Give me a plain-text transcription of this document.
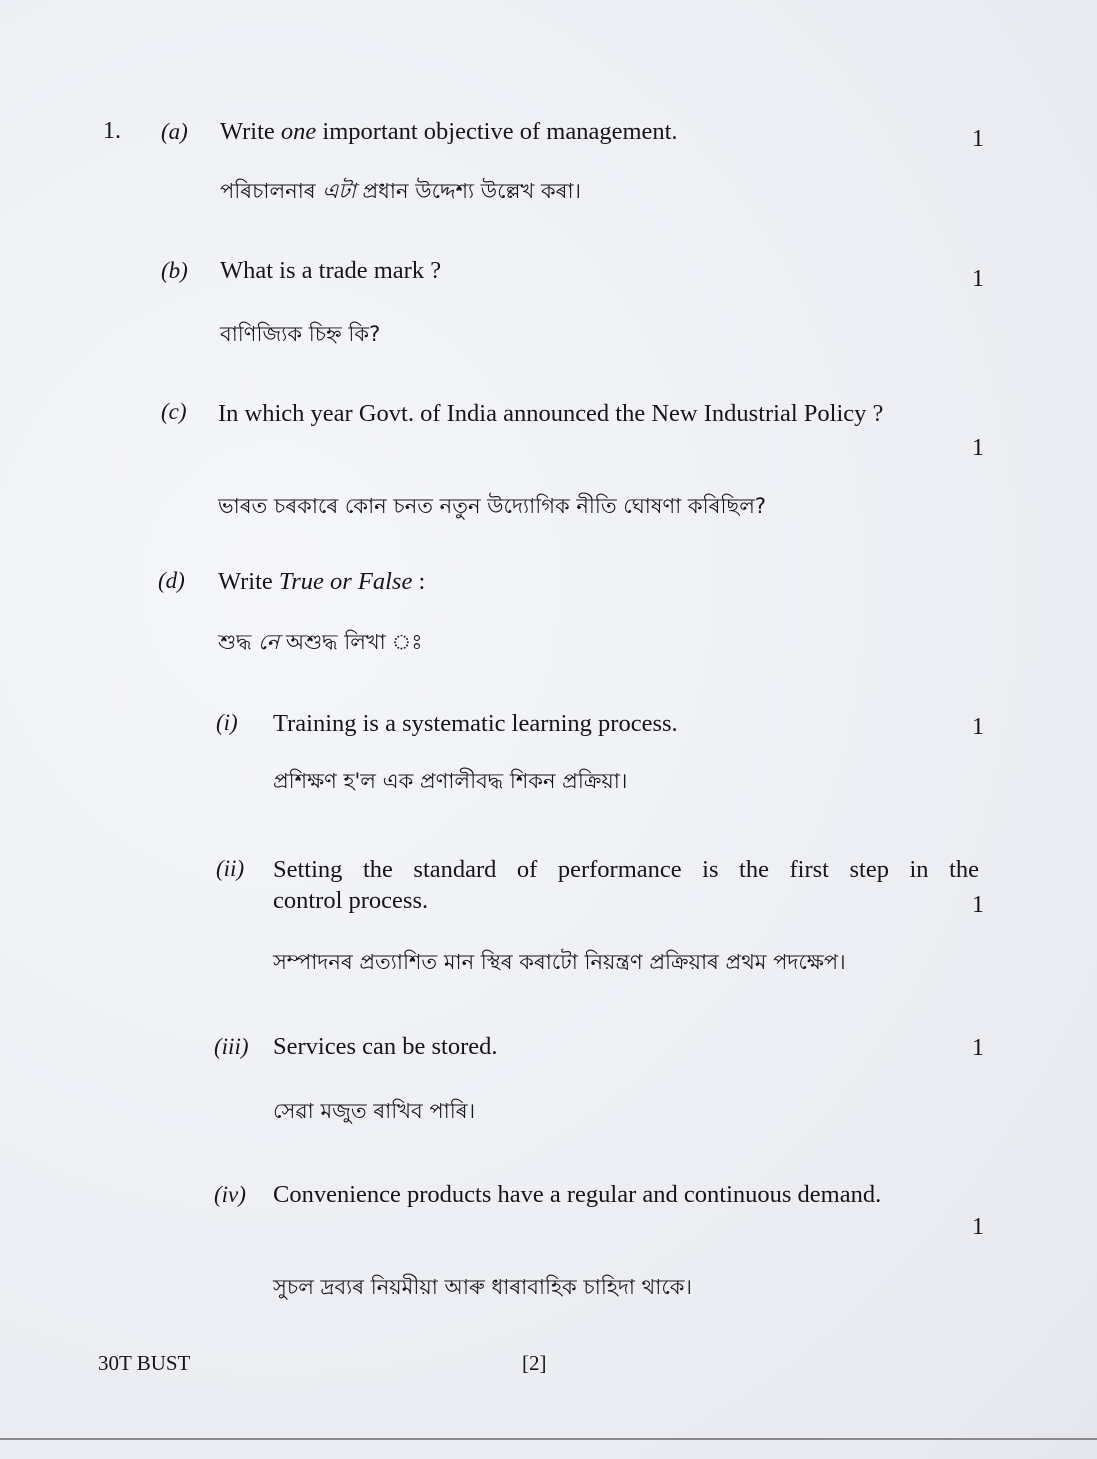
1. (a) Write one important objective of management.	1
পৰিচালনাৰ এটা প্ৰধান উদ্দেশ্য উল্লেখ কৰা।
(b) What is a trade mark ?	1
বাণিজ্যিক চিহ্ন কি?
(c) In which year Govt. of India announced the New Industrial Policy ?
1
ভাৰত চৰকাৰে কোন চনত নতুন উদ্যোগিক নীতি ঘোষণা কৰিছিল?
(d) Write True or False :
শুদ্ধ নে অশুদ্ধ লিখা ঃ
(i) Training is a systematic learning process.	1
প্ৰশিক্ষণ হ'ল এক প্ৰণালীবদ্ধ শিকন প্ৰক্ৰিয়া।
(ii) Setting the standard of performance is the first step in the
control process.	1
সম্পাদনৰ প্ৰত্যাশিত মান স্থিৰ কৰাটো নিয়ন্ত্ৰণ প্ৰক্ৰিয়াৰ প্ৰথম পদক্ষেপ।
(iii) Services can be stored.	1
সেৱা মজুত ৰাখিব পাৰি।
(iv) Convenience products have a regular and continuous demand.
1
সুচল দ্ৰব্যৰ নিয়মীয়া আৰু ধাৰাবাহিক চাহিদা থাকে।
30T BUST	[2]
